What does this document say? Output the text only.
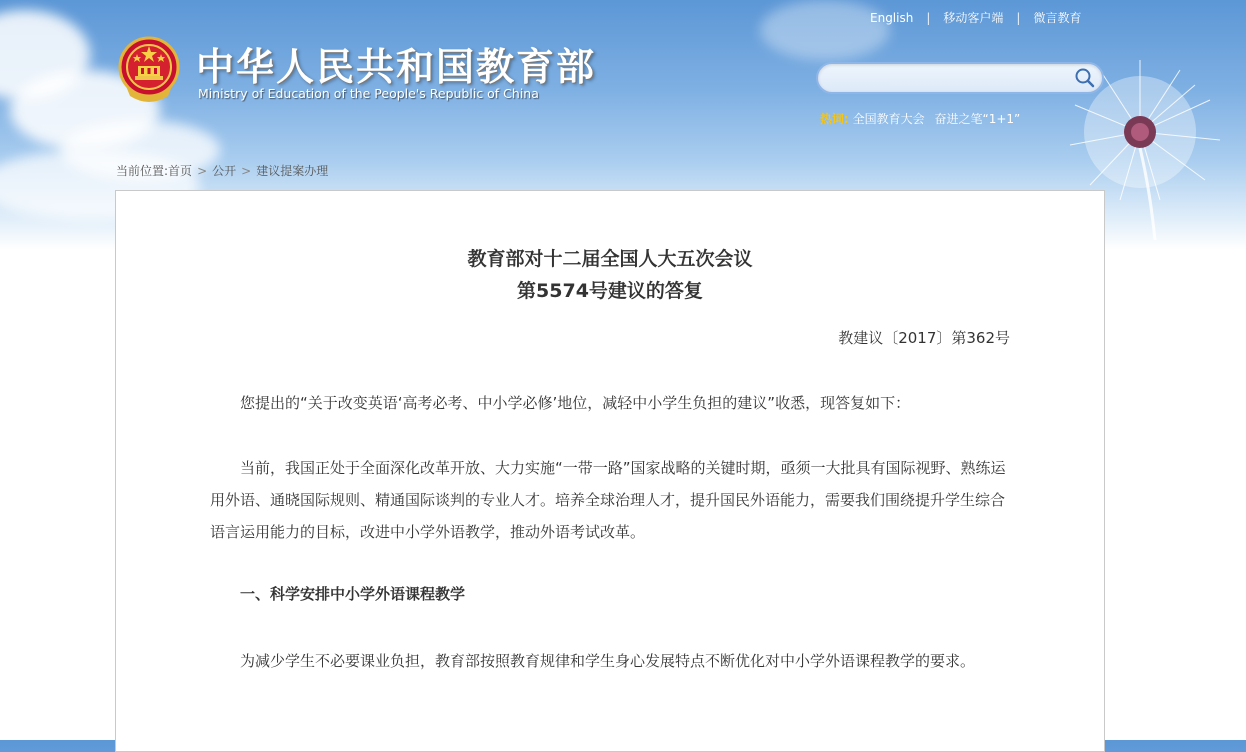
English | 移动客户端 | 微言教育
中华人民共和国教育部
Ministry of Education of the People's Republic of China
热词: 全国教育大会 奋进之笔“1+1”
当前位置:首页 > 公开 > 建议提案办理
教育部对十二届全国人大五次会议
第5574号建议的答复
教建议〔2017〕第362号

您提出的“关于改变英语‘高考必考、中小学必修’地位，减轻中小学生负担的建议”收悉，现答复如下：

当前，我国正处于全面深化改革开放、大力实施“一带一路”国家战略的关键时期，亟须一大批具有国际视野、熟练运用外语、通晓国际规则、精通国际谈判的专业人才。培养全球治理人才，提升国民外语能力，需要我们围绕提升学生综合语言运用能力的目标，改进中小学外语教学，推动外语考试改革。

一、科学安排中小学外语课程教学

为减少学生不必要课业负担，教育部按照教育规律和学生身心发展特点不断优化对中小学外语课程教学的要求。
